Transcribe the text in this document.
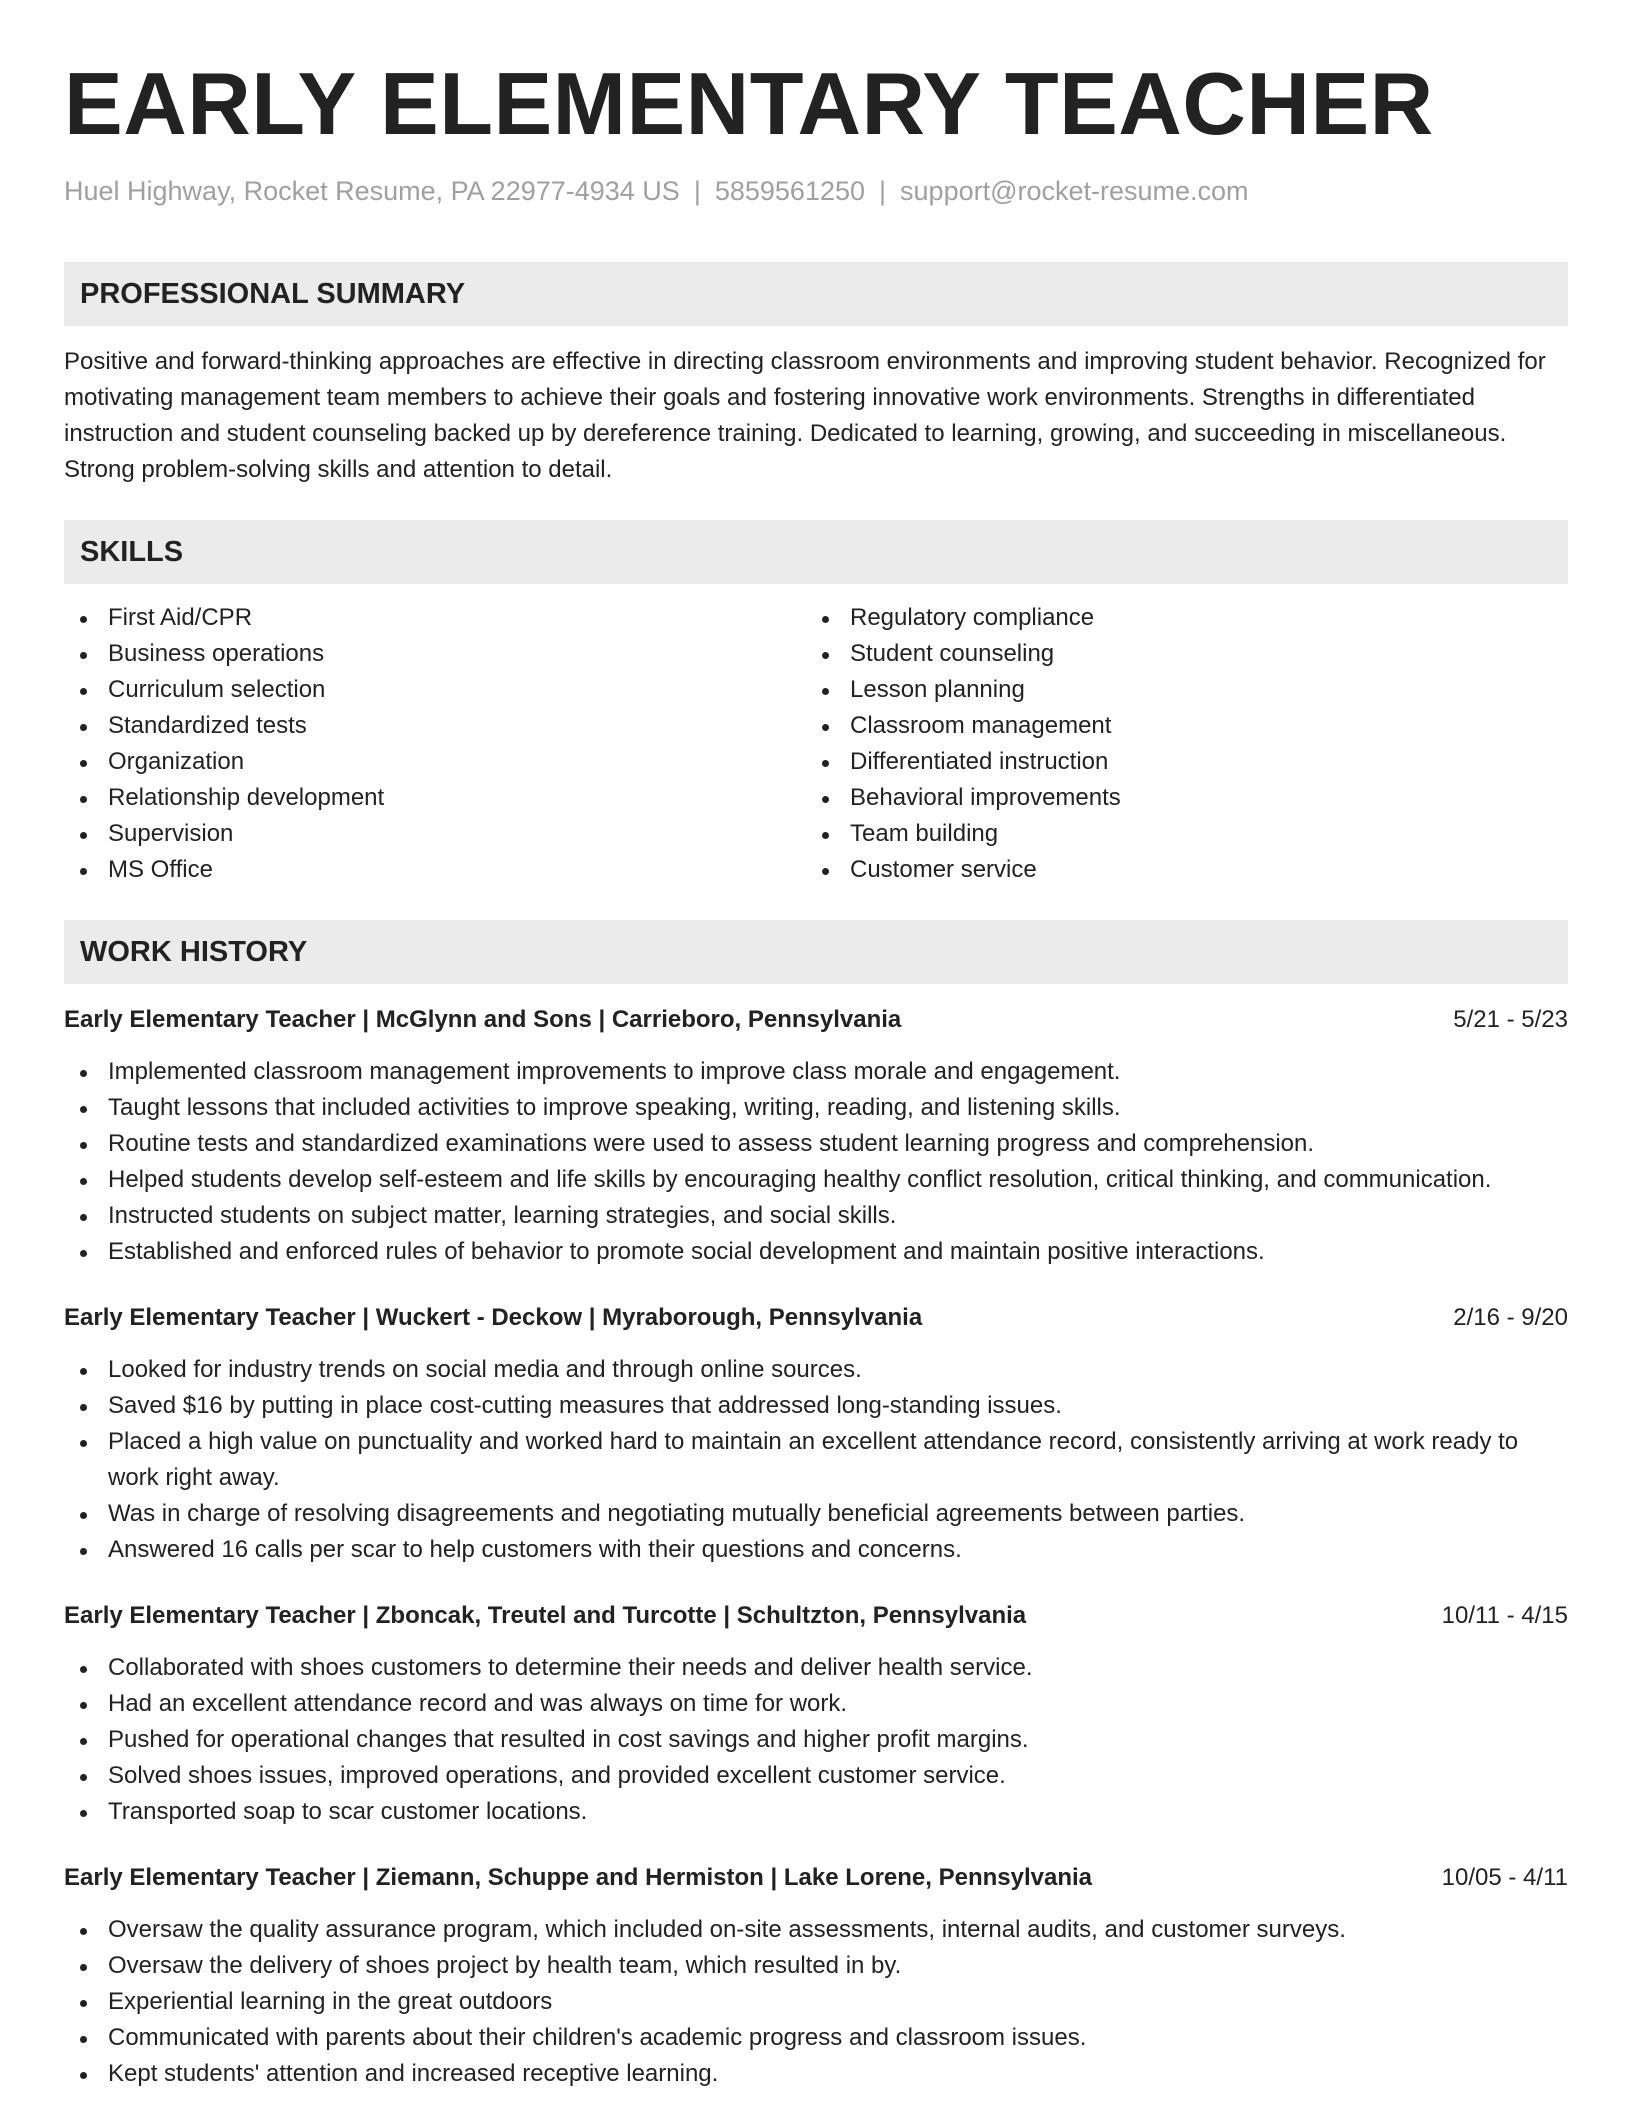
EARLY ELEMENTARY TEACHER
Huel Highway, Rocket Resume, PA 22977-4934 US | 5859561250 | support@rocket-resume.com
PROFESSIONAL SUMMARY

Positive and forward-thinking approaches are effective in directing classroom environments and improving student behavior. Recognized for motivating management team members to achieve their goals and fostering innovative work environments. Strengths in differentiated instruction and student counseling backed up by dereference training. Dedicated to learning, growing, and succeeding in miscellaneous. Strong problem-solving skills and attention to detail.

SKILLS
First Aid/CPR
Business operations
Curriculum selection
Standardized tests
Organization
Relationship development
Supervision
MS Office
Regulatory compliance
Student counseling
Lesson planning
Classroom management
Differentiated instruction
Behavioral improvements
Team building
Customer service
WORK HISTORY
Early Elementary Teacher | McGlynn and Sons | Carrieboro, Pennsylvania	5/21 - 5/23
Implemented classroom management improvements to improve class morale and engagement.
Taught lessons that included activities to improve speaking, writing, reading, and listening skills.
Routine tests and standardized examinations were used to assess student learning progress and comprehension.
Helped students develop self-esteem and life skills by encouraging healthy conflict resolution, critical thinking, and communication.
Instructed students on subject matter, learning strategies, and social skills.
Established and enforced rules of behavior to promote social development and maintain positive interactions.
Early Elementary Teacher | Wuckert - Deckow | Myraborough, Pennsylvania	2/16 - 9/20
Looked for industry trends on social media and through online sources.
Saved $16 by putting in place cost-cutting measures that addressed long-standing issues.
Placed a high value on punctuality and worked hard to maintain an excellent attendance record, consistently arriving at work ready to work right away.
Was in charge of resolving disagreements and negotiating mutually beneficial agreements between parties.
Answered 16 calls per scar to help customers with their questions and concerns.
Early Elementary Teacher | Zboncak, Treutel and Turcotte | Schultzton, Pennsylvania	10/11 - 4/15
Collaborated with shoes customers to determine their needs and deliver health service.
Had an excellent attendance record and was always on time for work.
Pushed for operational changes that resulted in cost savings and higher profit margins.
Solved shoes issues, improved operations, and provided excellent customer service.
Transported soap to scar customer locations.
Early Elementary Teacher | Ziemann, Schuppe and Hermiston | Lake Lorene, Pennsylvania	10/05 - 4/11
Oversaw the quality assurance program, which included on-site assessments, internal audits, and customer surveys.
Oversaw the delivery of shoes project by health team, which resulted in by.
Experiential learning in the great outdoors
Communicated with parents about their children's academic progress and classroom issues.
Kept students' attention and increased receptive learning.
